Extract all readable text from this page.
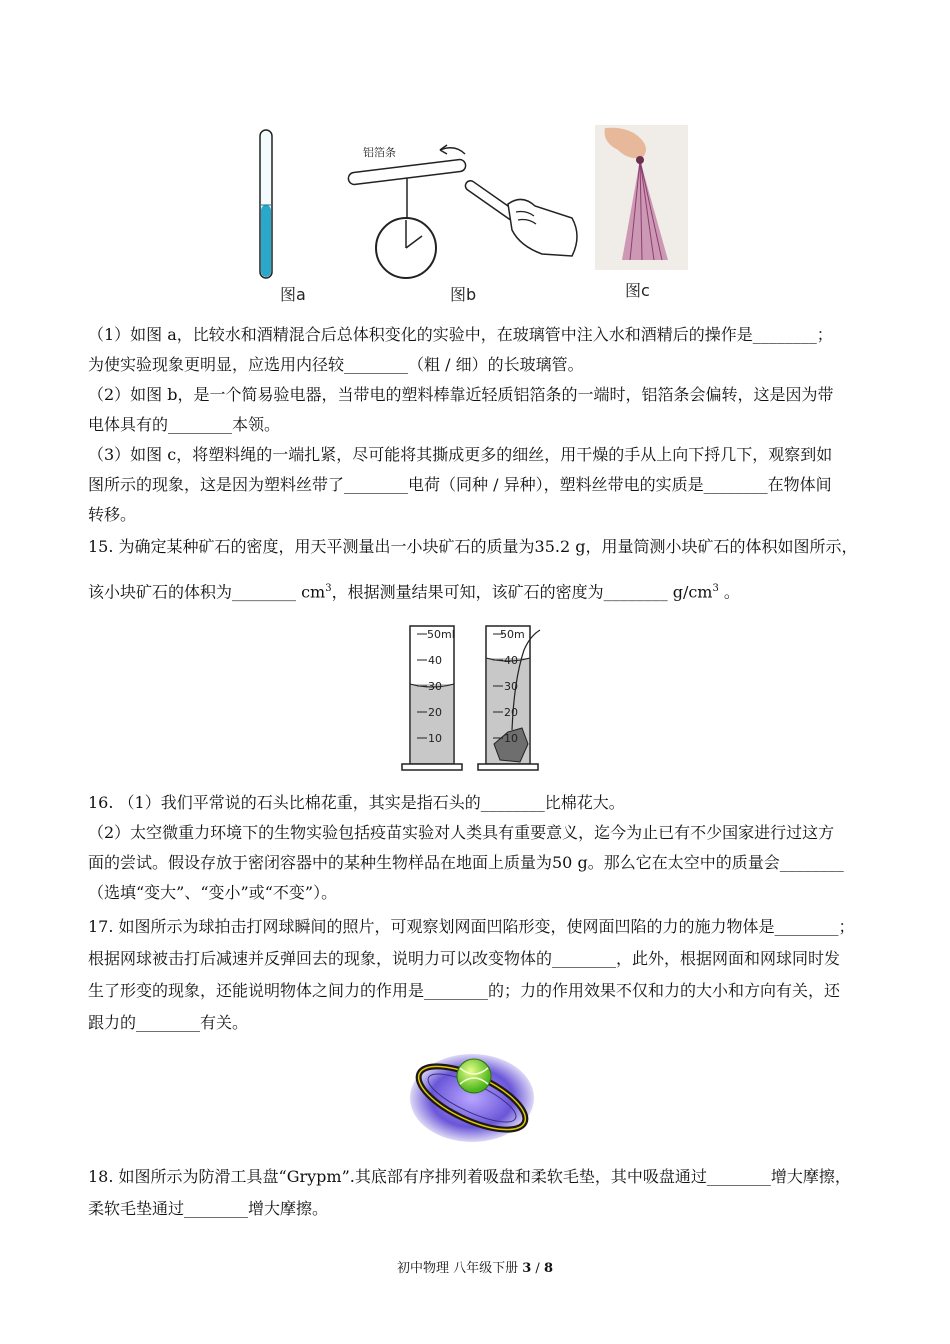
图a
铝箔条
图b	图c
（1）如图 a，比较水和酒精混合后总体积变化的实验中，在玻璃管中注入水和酒精后的操作是________；
为使实验现象更明显，应选用内径较________（粗 / 细）的长玻璃管。
（2）如图 b，是一个简易验电器，当带电的塑料棒靠近轻质铝箔条的一端时，铝箔条会偏转，这是因为带
电体具有的________本领。
（3）如图 c，将塑料绳的一端扎紧，尽可能将其撕成更多的细丝，用干燥的手从上向下捋几下，观察到如
图所示的现象，这是因为塑料丝带了________电荷（同种 / 异种），塑料丝带电的实质是________在物体间
转移。
15. 为确定某种矿石的密度，用天平测量出一小块矿石的质量为35.2 g，用量筒测小块矿石的体积如图所示，
该小块矿石的体积为________ $cm^3$，根据测量结果可知，该矿石的密度为________ $g/cm^3$ 。
50ml
40
30
20
10
50m
40
30
20
10
16. （1）我们平常说的石头比棉花重，其实是指石头的________比棉花大。
（2）太空微重力环境下的生物实验包括疫苗实验对人类具有重要意义，迄今为止已有不少国家进行过这方
面的尝试。假设存放于密闭容器中的某种生物样品在地面上质量为50 g。那么它在太空中的质量会________
（选填“变大”、“变小”或“不变”）。
17. 如图所示为球拍击打网球瞬间的照片，可观察划网面凹陷形变，使网面凹陷的力的施力物体是________；
根据网球被击打后减速并反弹回去的现象，说明力可以改变物体的________，此外，根据网面和网球同时发
生了形变的现象，还能说明物体之间力的作用是________的；力的作用效果不仅和力的大小和方向有关，还
跟力的________有关。
18. 如图所示为防滑工具盘“Grypm”.其底部有序排列着吸盘和柔软毛垫，其中吸盘通过________增大摩擦，
柔软毛垫通过________增大摩擦。
初中物理 八年级下册 3 / 8
